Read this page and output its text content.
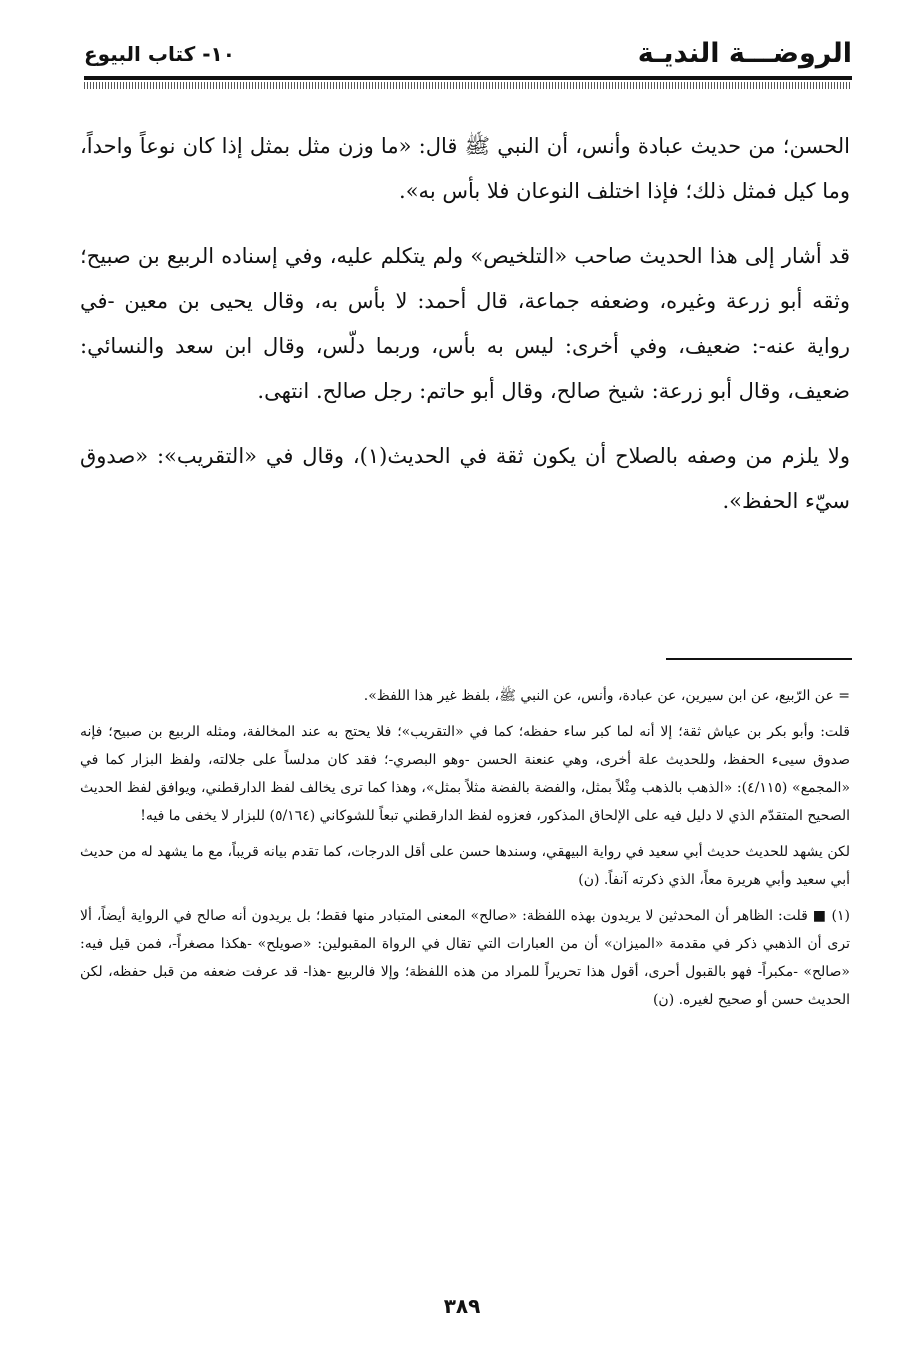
الروضـــة النديـة
١٠- كتاب البيوع

الحسن؛ من حديث عبادة وأنس، أن النبي ﷺ قال: «ما وزن مثل بمثل إذا كان نوعاً واحداً، وما كيل فمثل ذلك؛ فإذا اختلف النوعان فلا بأس به».

قد أشار إلى هذا الحديث صاحب «التلخيص» ولم يتكلم عليه، وفي إسناده الربيع بن صبيح؛ وثقه أبو زرعة وغيره، وضعفه جماعة، قال أحمد: لا بأس به، وقال يحيى بن معين -في رواية عنه-: ضعيف، وفي أخرى: ليس به بأس، وربما دلّس، وقال ابن سعد والنسائي: ضعيف، وقال أبو زرعة: شيخ صالح، وقال أبو حاتم: رجل صالح. انتهى.

ولا يلزم من وصفه بالصلاح أن يكون ثقة في الحديث(١)، وقال في «التقريب»: «صدوق سيّء الحفظ».

= عن الرّبيع، عن ابن سيرين، عن عبادة، وأنس، عن النبي ﷺ، بلفظ غير هذا اللفظ».

قلت: وأبو بكر بن عياش ثقة؛ إلا أنه لما كبر ساء حفظه؛ كما في «التقريب»؛ فلا يحتج به عند المخالفة، ومثله الربيع بن صبيح؛ فإنه صدوق سيىء الحفظ، وللحديث علة أخرى، وهي عنعنة الحسن -وهو البصري-؛ فقد كان مدلساً على جلالته، ولفظ البزار كما في «المجمع» (٤/١١٥): «الذهب بالذهب مِثْلاً بمثل، والفضة بالفضة مثلاً بمثل»، وهذا كما ترى يخالف لفظ الدارقطني، ويوافق لفظ الحديث الصحيح المتقدّم الذي لا دليل فيه على الإلحاق المذكور، فعزوه لفظ الدارقطني تبعاً للشوكاني (٥/١٦٤) للبزار لا يخفى ما فيه!

لكن يشهد للحديث حديث أبي سعيد في رواية البيهقي، وسندها حسن على أقل الدرجات، كما تقدم بيانه قريباً، مع ما يشهد له من حديث أبي سعيد وأبي هريرة معاً، الذي ذكرته آنفاً. (ن)

(١) ■ قلت: الظاهر أن المحدثين لا يريدون بهذه اللفظة: «صالح» المعنى المتبادر منها فقط؛ بل يريدون أنه صالح في الرواية أيضاً، ألا ترى أن الذهبي ذكر في مقدمة «الميزان» أن من العبارات التي تقال في الرواة المقبولين: «صويلح» -هكذا مصغراً-، فمن قيل فيه: «صالح» -مكبراً- فهو بالقبول أحرى، أقول هذا تحريراً للمراد من هذه اللفظة؛ وإلا فالربيع -هذا- قد عرفت ضعفه من قبل حفظه، لكن الحديث حسن أو صحيح لغيره. (ن)

٣٨٩
